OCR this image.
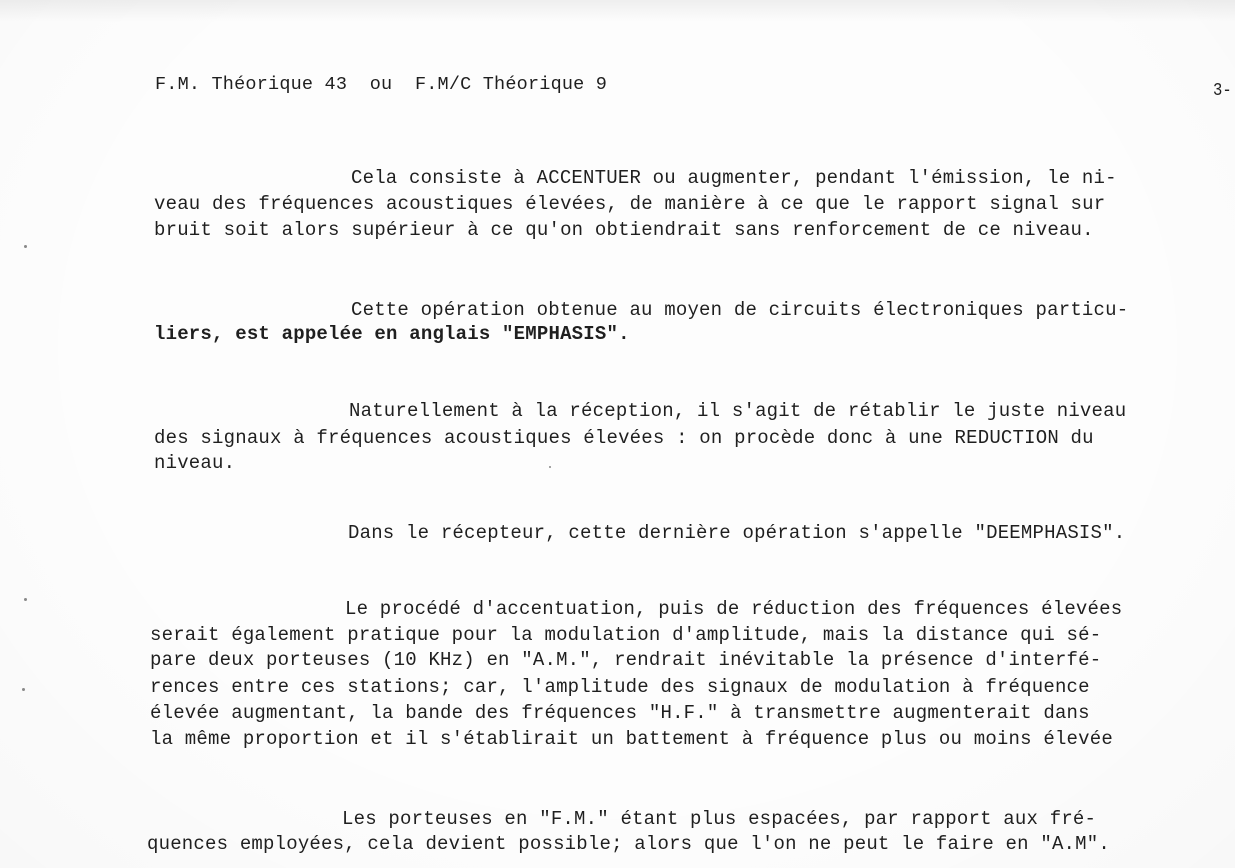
F.M. Théorique 43  ou  F.M/C Théorique 9	3-
Cela consiste à ACCENTUER ou augmenter, pendant l'émission, le ni-
veau des fréquences acoustiques élevées, de manière à ce que le rapport signal sur
bruit soit alors supérieur à ce qu'on obtiendrait sans renforcement de ce niveau.
Cette opération obtenue au moyen de circuits électroniques particu-
liers, est appelée en anglais "EMPHASIS".
Naturellement à la réception, il s'agit de rétablir le juste niveau
des signaux à fréquences acoustiques élevées : on procède donc à une REDUCTION du
niveau.
Dans le récepteur, cette dernière opération s'appelle "DEEMPHASIS".
Le procédé d'accentuation, puis de réduction des fréquences élevées
serait également pratique pour la modulation d'amplitude, mais la distance qui sé-
pare deux porteuses (10 KHz) en "A.M.", rendrait inévitable la présence d'interfé-
rences entre ces stations; car, l'amplitude des signaux de modulation à fréquence
élevée augmentant, la bande des fréquences "H.F." à transmettre augmenterait dans
la même proportion et il s'établirait un battement à fréquence plus ou moins élevée
Les porteuses en "F.M." étant plus espacées, par rapport aux fré-
quences employées, cela devient possible; alors que l'on ne peut le faire en "A.M".
